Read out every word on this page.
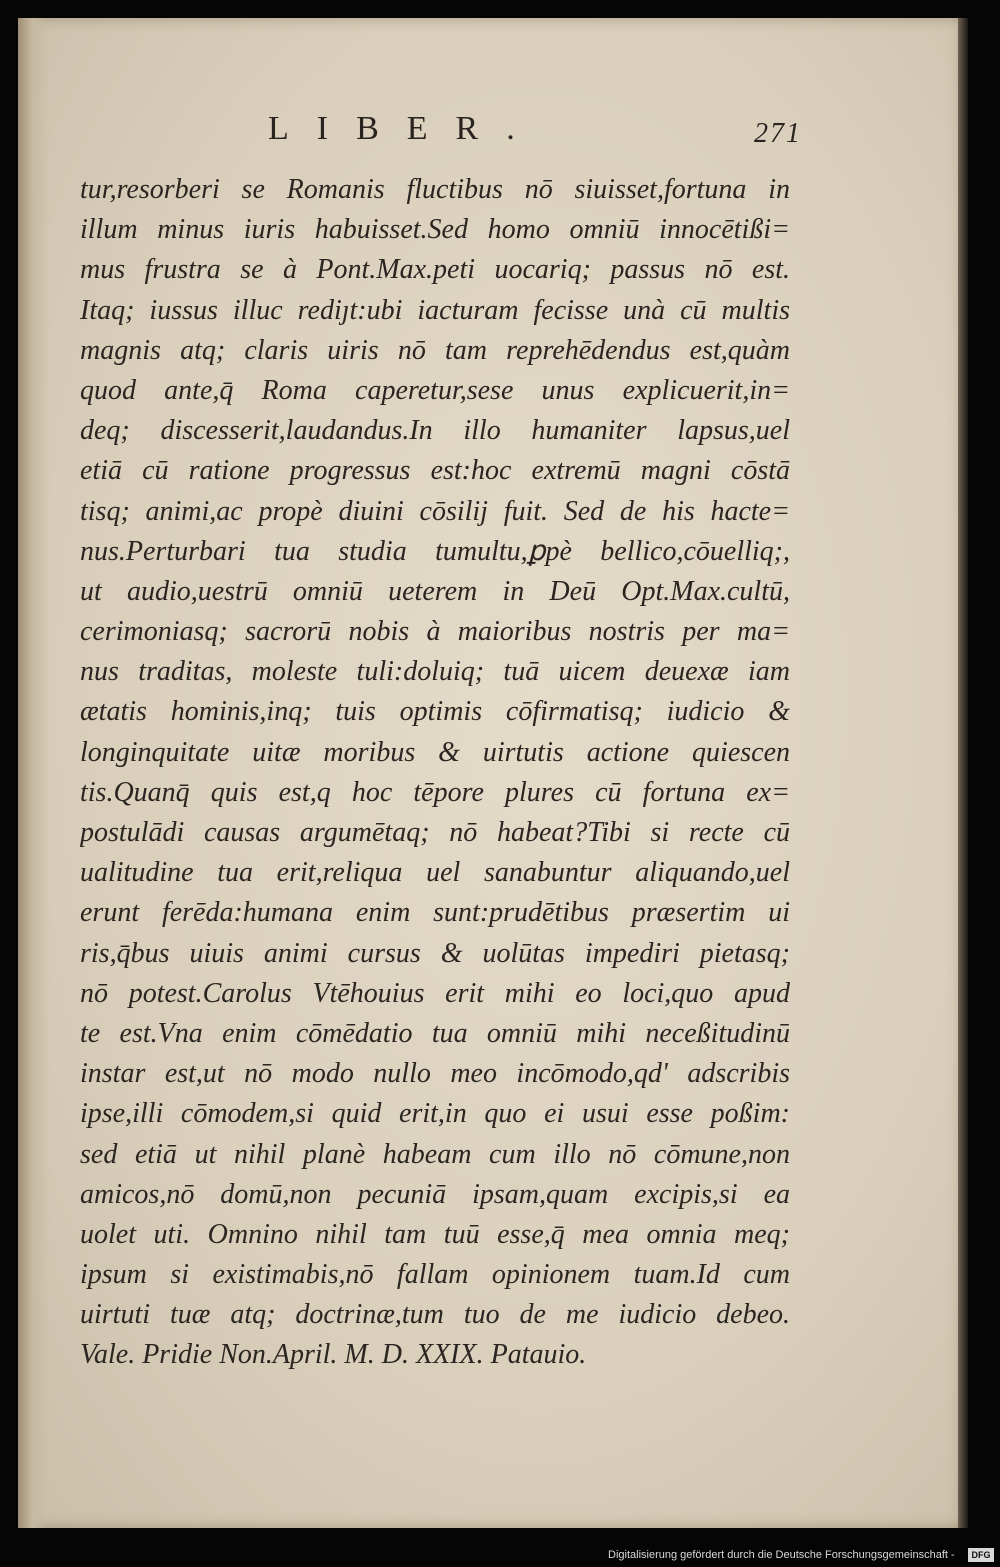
LIBER.	271
tur,resorberi se Romanis fluctibus nō siuisset,fortuna in
illum minus iuris habuisset.Sed homo omniū innocētißi=
mus frustra se à Pont.Max.peti uocariq; passus nō est.
Itaq; iussus illuc rediȷt:ubi iacturam fecisse unà cū multis
magnis atq; claris uiris nō tam reprehēdendus est,quàm
quod ante,q̄ Roma caperetur,sese unus explicuerit,in=
deq; discesserit,laudandus.In illo humaniter lapsus,uel
etiā cū ratione progressus est:hoc extremū magni cōstā
tisq; animi,ac propè diuini cōsilij fuit. Sed de his hacte=
nus.Perturbari tua studia tumultu,ꝑpè bellico,cōuelliq;,
ut audio,uestrū omniū ueterem in Deū Opt.Max.cultū,
cerimoniasq; sacrorū nobis à maioribus nostris per ma=
nus traditas, moleste tuli:doluiq; tuā uicem deuexæ iam
ætatis hominis,inq; tuis optimis cōfirmatisq; iudicio &
longinquitate uitæ moribus & uirtutis actione quiescen
tis.Quanq̄ quis est,q hoc tēpore plures cū fortuna ex=
postulādi causas argumētaq; nō habeat?Tibi si recte cū
ualitudine tua erit,reliqua uel sanabuntur aliquando,uel
erunt ferēda:humana enim sunt:prudētibus præsertim ui
ris,q̄bus uiuis animi cursus & uolūtas impediri pietasq;
nō potest.Carolus Vtēhouius erit mihi eo loci,quo apud
te est.Vna enim cōmēdatio tua omniū mihi neceßitudinū
instar est,ut nō modo nullo meo incōmodo,qd' adscribis
ipse,illi cōmodem,si quid erit,in quo ei usui esse poßim:
sed etiā ut nihil planè habeam cum illo nō cōmune,non
amicos,nō domū,non pecuniā ipsam,quam excipis,si ea
uolet uti. Omnino nihil tam tuū esse,q̄ mea omnia meq;
ipsum si existimabis,nō fallam opinionem tuam.Id cum
uirtuti tuæ atq; doctrinæ,tum tuo de me iudicio debeo.
Vale. Pridie Non.April. M. D. XXIX. Patauio.
Digitalisierung gefördert durch die Deutsche Forschungsgemeinschaft -	DFG
